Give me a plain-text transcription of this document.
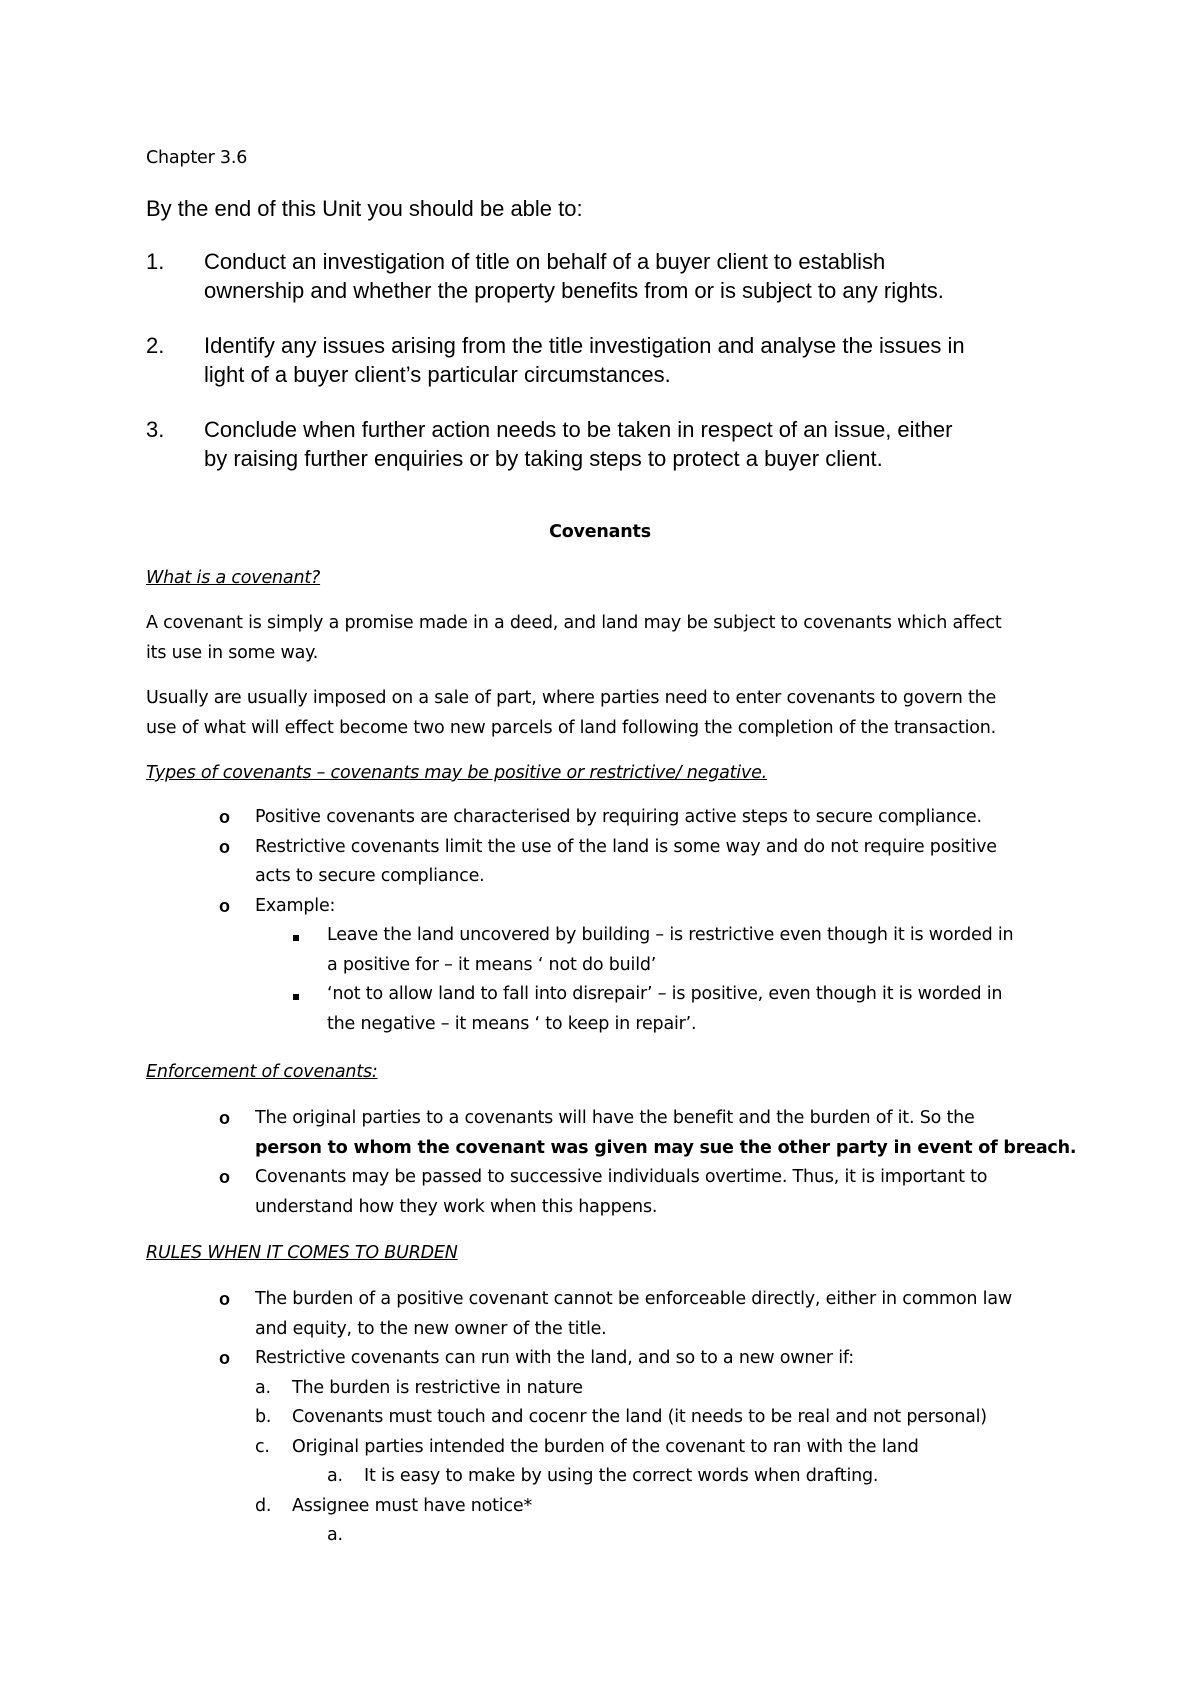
Chapter 3.6
By the end of this Unit you should be able to:
1. Conduct an investigation of title on behalf of a buyer client to establish
ownership and whether the property benefits from or is subject to any rights.
2. Identify any issues arising from the title investigation and analyse the issues in
light of a buyer client’s particular circumstances.
3. Conclude when further action needs to be taken in respect of an issue, either
by raising further enquiries or by taking steps to protect a buyer client.
Covenants
What is a covenant?
A covenant is simply a promise made in a deed, and land may be subject to covenants which affect
its use in some way.
Usually are usually imposed on a sale of part, where parties need to enter covenants to govern the
use of what will effect become two new parcels of land following the completion of the transaction.
Types of covenants – covenants may be positive or restrictive/ negative.
o Positive covenants are characterised by requiring active steps to secure compliance.
o Restrictive covenants limit the use of the land is some way and do not require positive
acts to secure compliance.
o Example:
Leave the land uncovered by building – is restrictive even though it is worded in
a positive for – it means ‘ not do build’
‘not to allow land to fall into disrepair’ – is positive, even though it is worded in
the negative – it means ‘ to keep in repair’.
Enforcement of covenants:
o The original parties to a covenants will have the benefit and the burden of it. So the
person to whom the covenant was given may sue the other party in event of breach.
o Covenants may be passed to successive individuals overtime. Thus, it is important to
understand how they work when this happens.
RULES WHEN IT COMES TO BURDEN
o The burden of a positive covenant cannot be enforceable directly, either in common law
and equity, to the new owner of the title.
o Restrictive covenants can run with the land, and so to a new owner if:
a. The burden is restrictive in nature
b. Covenants must touch and cocenr the land (it needs to be real and not personal)
c. Original parties intended the burden of the covenant to ran with the land
a. It is easy to make by using the correct words when drafting.
d. Assignee must have notice*
a.
